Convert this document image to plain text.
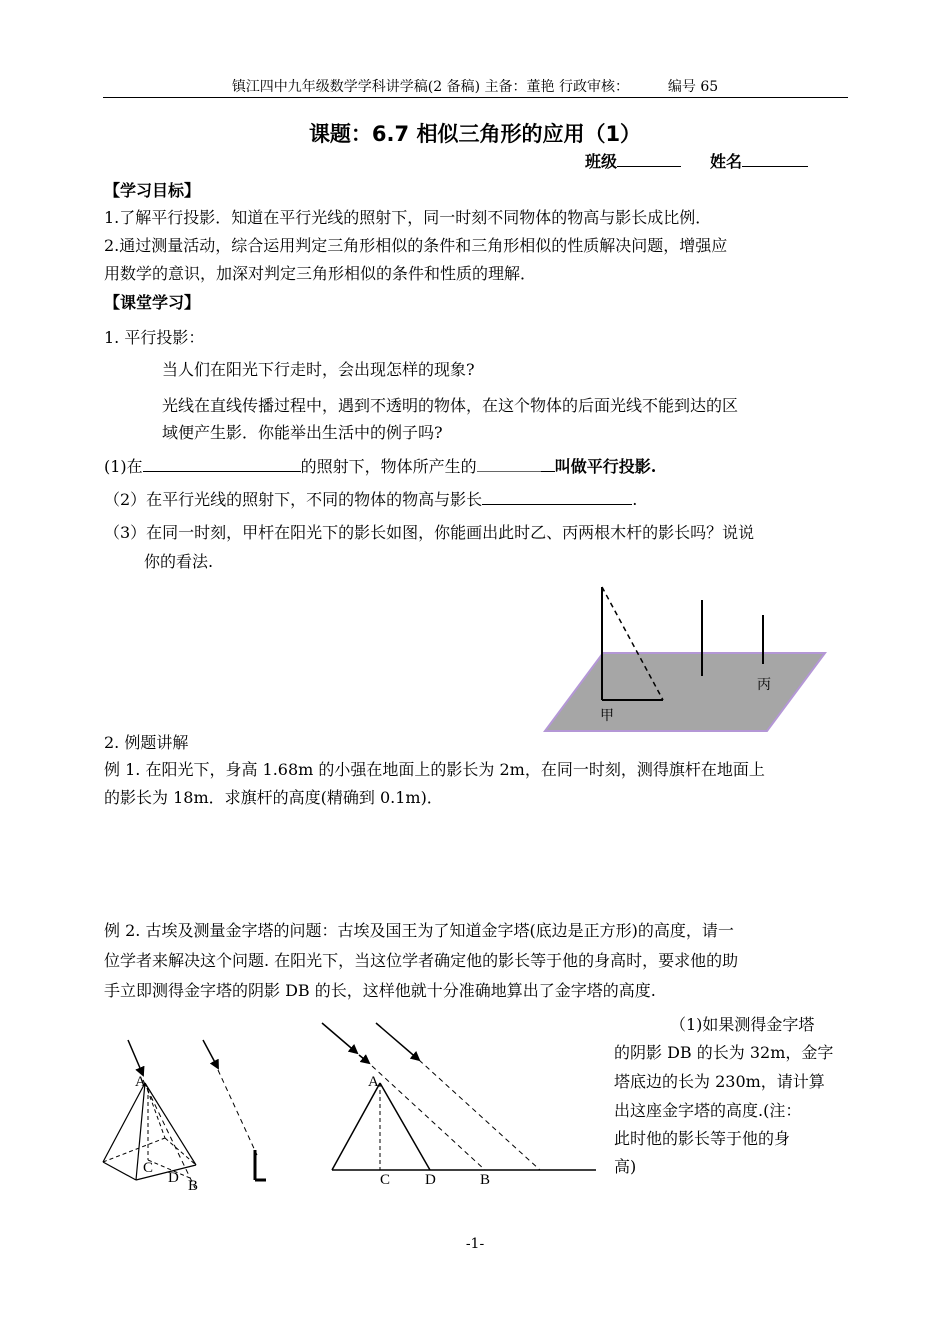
镇江四中九年级数学学科讲学稿(2 备稿) 主备：董艳 行政审核：	编号 65
课题：6.7 相似三角形的应用（1）
班级	姓名
【学习目标】
1.了解平行投影．知道在平行光线的照射下，同一时刻不同物体的物高与影长成比例．
2.通过测量活动，综合运用判定三角形相似的条件和三角形相似的性质解决问题，增强应
用数学的意识，加深对判定三角形相似的条件和性质的理解．
【课堂学习】
1. 平行投影：
当人们在阳光下行走时，会出现怎样的现象?
光线在直线传播过程中，遇到不透明的物体，在这个物体的后面光线不能到达的区
域便产生影．你能举出生活中的例子吗?
(1)在	的照射下，物体所产生的	叫做平行投影.
（2）在平行光线的照射下，不同的物体的物高与影长	.
（3）在同一时刻，甲杆在阳光下的影长如图，你能画出此时乙、丙两根木杆的影长吗？说说
你的看法.
甲
丙
2. 例题讲解
例 1. 在阳光下，身高 1.68m 的小强在地面上的影长为 2m，在同一时刻，测得旗杆在地面上
的影长为 18m．求旗杆的高度(精确到 0.1m)．
例 2. 古埃及测量金字塔的问题：古埃及国王为了知道金字塔(底边是正方形)的高度，请一
位学者来解决这个问题. 在阳光下，当这位学者确定他的影长等于他的身高时，要求他的助
手立即测得金字塔的阴影 DB 的长，这样他就十分准确地算出了金字塔的高度.
（1)如果测得金字塔
的阴影 DB 的长为 32m，金字
塔底边的长为 230m，请计算
出这座金字塔的高度.(注：
此时他的影长等于他的身
高)
A
C
D B
A
C D	B
-1-
